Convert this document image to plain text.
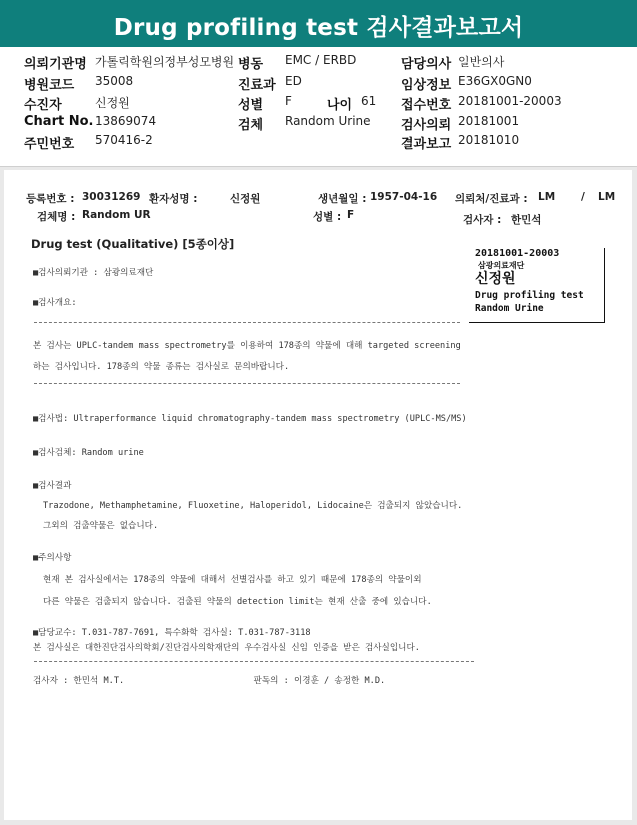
Drug profiling test 검사결과보고서
의뢰기관명 가톨릭학원의정부성모병원 병동 EMC / ERBD	담당의사 일반의사
병원코드 35008	진료과 ED	임상정보 E36GX0GN0
수진자	신정원	성별 F	나이 61 접수번호 20181001-20003
Chart No. 13869074	검체 Random Urine 검사의뢰 20181001
주민번호 570416-2	결과보고 20181010
등록번호 : 30031269 환자성명 :	신정원	생년월일 : 1957-04-16 의뢰처/진료과 : LM / LM
검체명 : Random UR	성별 : F	검사자 : 한민석
Drug test (Qualitative) [5종이상]
20181001-20003
삼광의료재단
신정원
Drug profiling test
Random Urine
■검사의뢰기관 : 삼광의료재단
■검사개요:
본 검사는 UPLC-tandem mass spectrometry를 이용하여 178종의 약물에 대해 targeted screening
하는 검사입니다. 178종의 약물 종류는 검사실로 문의바랍니다.
■검사법: Ultraperformance liquid chromatography-tandem mass spectrometry (UPLC-MS/MS)
■검사검체: Random urine
■검사결과
Trazodone, Methamphetamine, Fluoxetine, Haloperidol, Lidocaine은 검출되지 않았습니다.
그외의 검출약물은 없습니다.
■주의사항
현재 본 검사실에서는 178종의 약물에 대해서 선별검사를 하고 있기 때문에 178종의 약물이외
다른 약물은 검출되지 않습니다. 검출된 약물의 detection limit는 현재 산출 중에 있습니다.
■담당교수: T.031-787-7691, 특수화학 검사실: T.031-787-3118
본 검사실은 대한진단검사의학회/진단검사의학재단의 우수검사실 신임 인증을 받은 검사실입니다.
검사자 : 한민석 M.T.                         판독의 : 이경훈 / 송정한 M.D.
